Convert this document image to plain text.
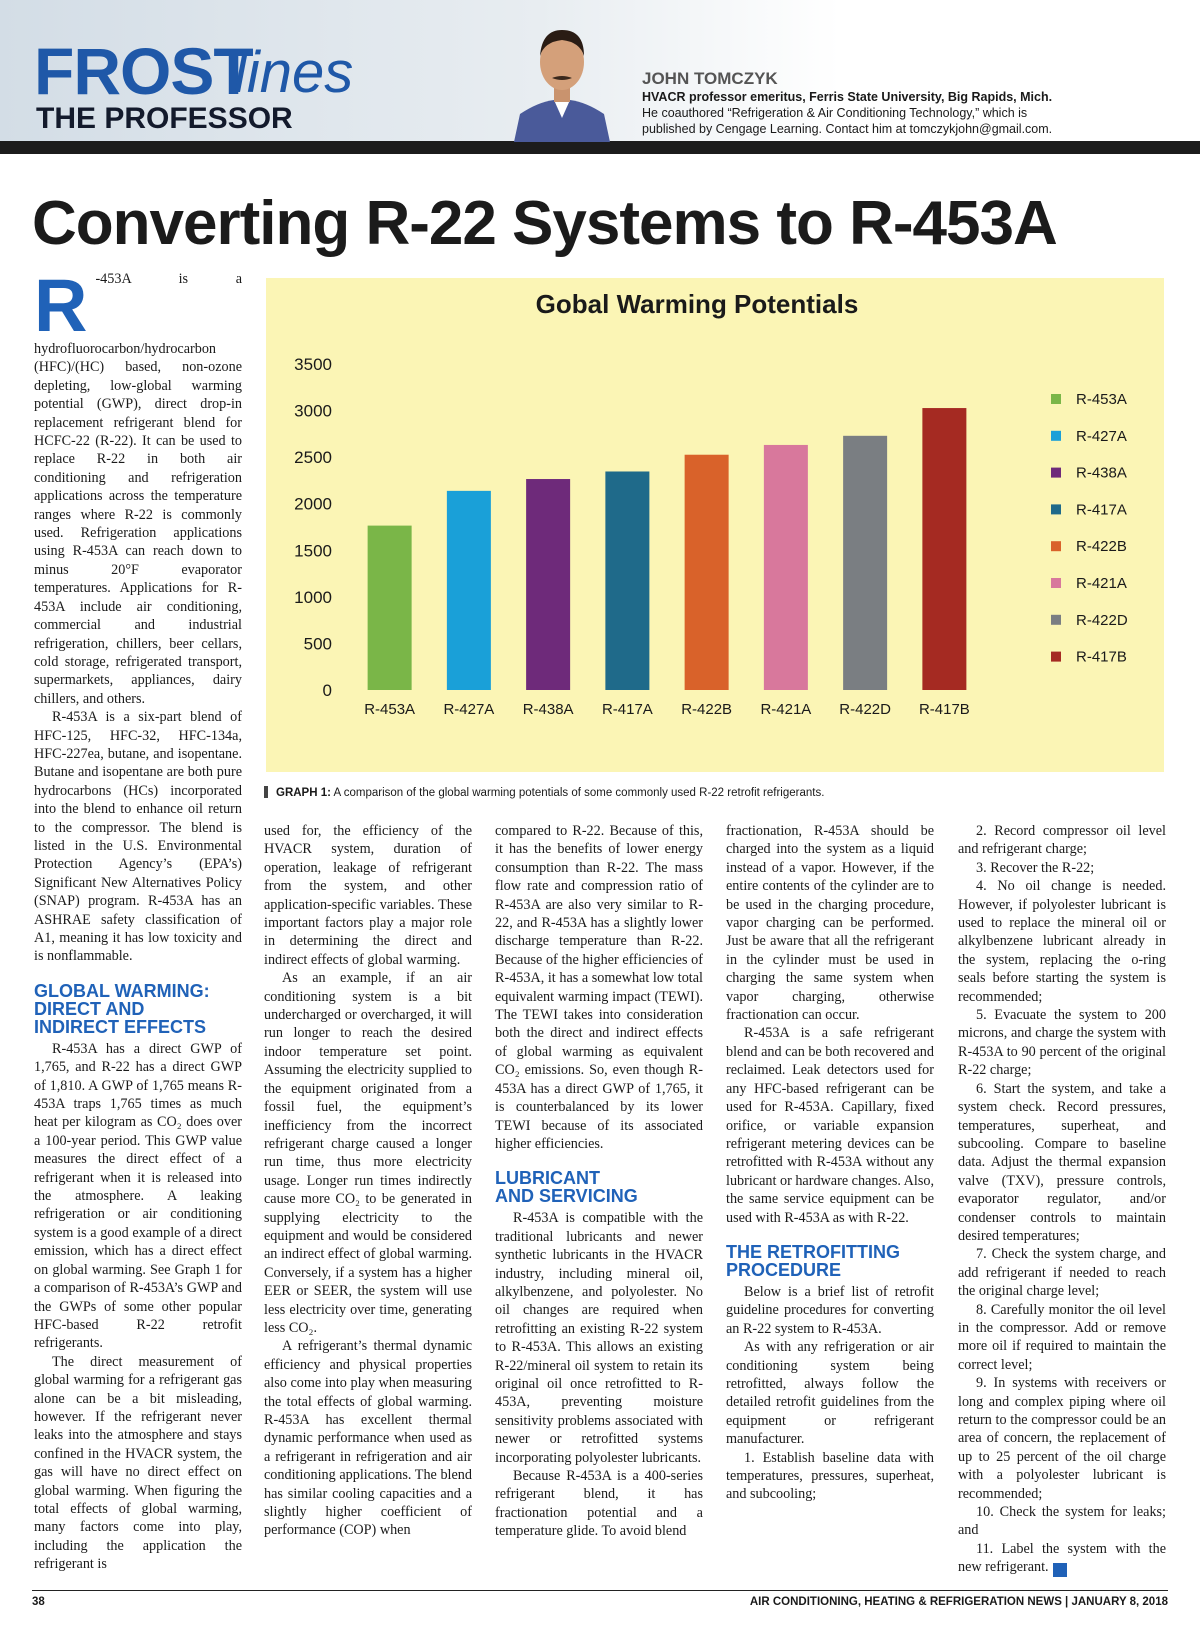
FROST
lines
THE PROFESSOR
JOHN TOMCZYK
HVACR professor emeritus, Ferris State University, Big Rapids, Mich.
He coauthored “Refrigeration & Air Conditioning Technology,” which is
published by Cengage Learning. Contact him at tomczykjohn@gmail.com.
Converting R-22 Systems to R-453A
R -453A is a hydrofluorocarbon/hydrocarbon (HFC)/(HC) based, non-ozone depleting, low-global warming potential (GWP), direct drop-in replacement refrigerant blend for HCFC-22 (R-22). It can be used to replace R-22 in both air conditioning and refrigeration applications across the temperature ranges where R-22 is commonly used. Refrigeration applications using R-453A can reach down to minus 20°F evaporator temperatures. Applications for R-453A include air conditioning, commercial and industrial refrigeration, chillers, beer cellars, cold storage, refrigerated transport, supermarkets, appliances, dairy chillers, and others.

R-453A is a six-part blend of HFC-125, HFC-32, HFC-134a, HFC-227ea, butane, and isopentane. Butane and isopentane are both pure hydrocarbons (HCs) incorporated into the blend to enhance oil return to the compressor. The blend is listed in the U.S. Environmental Protection Agency’s (EPA’s) Significant New Alternatives Policy (SNAP) program. R-453A has an ASHRAE safety classification of A1, meaning it has low toxicity and is nonflammable.

GLOBAL WARMING:
DIRECT AND
INDIRECT EFFECTS

R-453A has a direct GWP of 1,765, and R-22 has a direct GWP of 1,810. A GWP of 1,765 means R-453A traps 1,765 times as much heat per kilogram as CO₂ does over a 100-year period. This GWP value measures the direct effect of a refrigerant when it is released into the atmosphere. A leaking refrigeration or air conditioning system is a good example of a direct emission, which has a direct effect on global warming. See Graph 1 for a comparison of R-453A’s GWP and the GWPs of some other popular HFC-based R-22 retrofit refrigerants.

The direct measurement of global warming for a refrigerant gas alone can be a bit misleading, however. If the refrigerant never leaks into the atmosphere and stays confined in the HVACR system, the gas will have no direct effect on global warming. When figuring the total effects of global warming, many factors come into play, including the application the refrigerant is

Gobal Warming Potentials
0
500
1000
1500
2000
2500
3000
3500
R-453A R-427A R-438A R-417A R-422B R-421A R-422D R-417B
R-453A
R-427A
R-438A
R-417A
R-422B
R-421A
R-422D
R-417B
GRAPH 1: A comparison of the global warming potentials of some commonly used R-22 retrofit refrigerants.

used for, the efficiency of the HVACR system, duration of operation, leakage of refrigerant from the system, and other application-specific variables. These important factors play a major role in determining the direct and indirect effects of global warming.

As an example, if an air conditioning system is a bit undercharged or overcharged, it will run longer to reach the desired indoor temperature set point. Assuming the electricity supplied to the equipment originated from a fossil fuel, the equipment’s inefficiency from the incorrect refrigerant charge caused a longer run time, thus more electricity usage. Longer run times indirectly cause more CO₂ to be generated in supplying electricity to the equipment and would be considered an indirect effect of global warming. Conversely, if a system has a higher EER or SEER, the system will use less electricity over time, generating less CO₂.

A refrigerant’s thermal dynamic efficiency and physical properties also come into play when measuring the total effects of global warming. R-453A has excellent thermal dynamic performance when used as a refrigerant in refrigeration and air conditioning applications. The blend has similar cooling capacities and a slightly higher coefficient of performance (COP) when

compared to R-22. Because of this, it has the benefits of lower energy consumption than R-22. The mass flow rate and compression ratio of R-453A are also very similar to R-22, and R-453A has a slightly lower discharge temperature than R-22. Because of the higher efficiencies of R-453A, it has a somewhat low total equivalent warming impact (TEWI). The TEWI takes into consideration both the direct and indirect effects of global warming as equivalent CO₂ emissions. So, even though R-453A has a direct GWP of 1,765, it is counterbalanced by its lower TEWI because of its associated higher efficiencies.

LUBRICANT
AND SERVICING

R-453A is compatible with the traditional lubricants and newer synthetic lubricants in the HVACR industry, including mineral oil, alkylbenzene, and polyolester. No oil changes are required when retrofitting an existing R-22 system to R-453A. This allows an existing R-22/mineral oil system to retain its original oil once retrofitted to R-453A, preventing moisture sensitivity problems associated with newer or retrofitted systems incorporating polyolester lubricants.

Because R-453A is a 400-series refrigerant blend, it has fractionation potential and a temperature glide. To avoid blend

fractionation, R-453A should be charged into the system as a liquid instead of a vapor. However, if the entire contents of the cylinder are to be used in the charging procedure, vapor charging can be performed. Just be aware that all the refrigerant in the cylinder must be used in charging the same system when vapor charging, otherwise fractionation can occur.

R-453A is a safe refrigerant blend and can be both recovered and reclaimed. Leak detectors used for any HFC-based refrigerant can be used for R-453A. Capillary, fixed orifice, or variable expansion refrigerant metering devices can be retrofitted with R-453A without any lubricant or hardware changes. Also, the same service equipment can be used with R-453A as with R-22.

THE RETROFITTING
PROCEDURE

Below is a brief list of retrofit guideline procedures for converting an R-22 system to R-453A.

As with any refrigeration or air conditioning system being retrofitted, always follow the detailed retrofit guidelines from the equipment or refrigerant manufacturer.

1. Establish baseline data with temperatures, pressures, superheat, and subcooling;

2. Record compressor oil level and refrigerant charge;

3. Recover the R-22;

4. No oil change is needed. However, if polyolester lubricant is used to replace the mineral oil or alkylbenzene lubricant already in the system, replacing the o-ring seals before starting the system is recommended;

5. Evacuate the system to 200 microns, and charge the system with R-453A to 90 percent of the original R-22 charge;

6. Start the system, and take a system check. Record pressures, temperatures, superheat, and subcooling. Compare to baseline data. Adjust the thermal expansion valve (TXV), pressure controls, evaporator regulator, and/or condenser controls to maintain desired temperatures;

7. Check the system charge, and add refrigerant if needed to reach the original charge level;

8. Carefully monitor the oil level in the compressor. Add or remove more oil if required to maintain the correct level;

9. In systems with receivers or long and complex piping where oil return to the compressor could be an area of concern, the replacement of up to 25 percent of the oil charge with a polyolester lubricant is recommended;

10. Check the system for leaks; and

11. Label the system with the new refrigerant. N

38	AIR CONDITIONING, HEATING & REFRIGERATION NEWS | JANUARY 8, 2018
